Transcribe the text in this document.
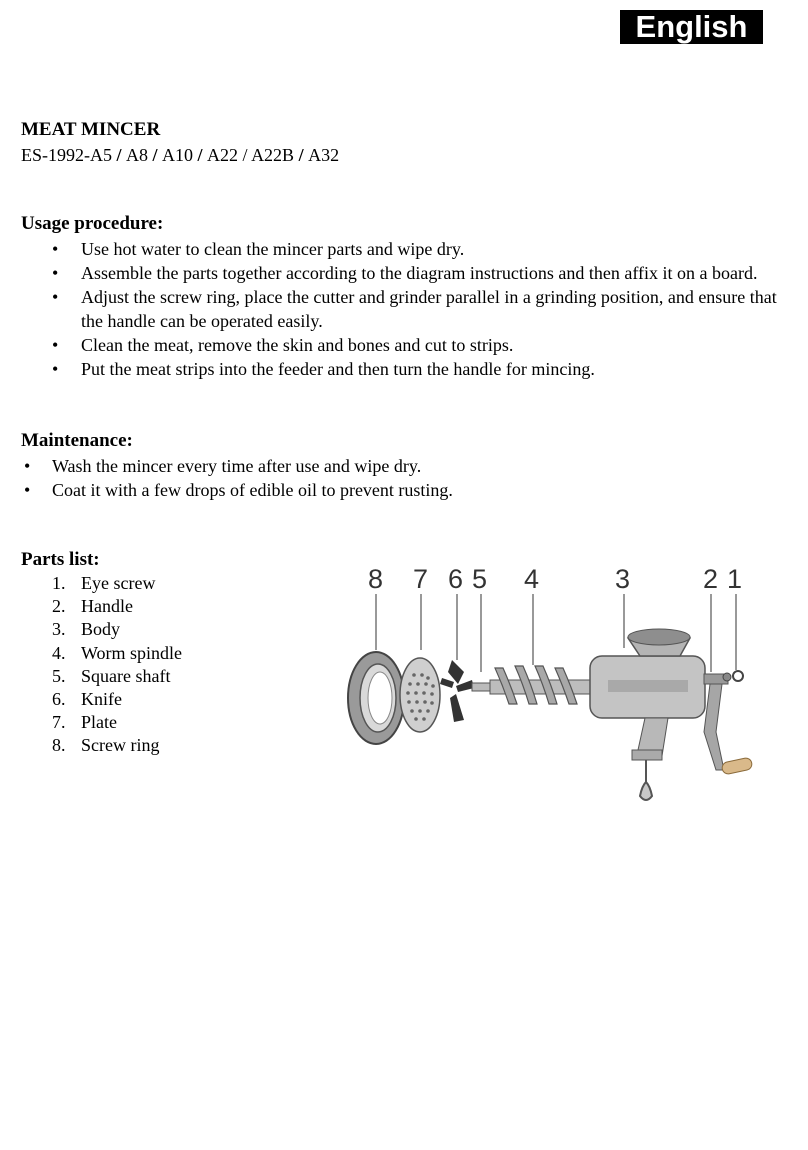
English
MEAT MINCER
ES-1992-A5 / A8 / A10 / A22 / A22B / A32
Usage procedure:
• Use hot water to clean the mincer parts and wipe dry.
• Assemble the parts together according to the diagram instructions and then affix it on a board.
• Adjust the screw ring, place the cutter and grinder parallel in a grinding position, and ensure that the handle can be operated easily.
• Clean the meat, remove the skin and bones and cut to strips.
• Put the meat strips into the feeder and then turn the handle for mincing.
Maintenance:
• Wash the mincer every time after use and wipe dry.
• Coat it with a few drops of edible oil to prevent rusting.
Parts list:
1. Eye screw
2. Handle
3. Body
4. Worm spindle
5. Square shaft
6. Knife
7. Plate
8. Screw ring
8 7 6 5 4	3	2 1
